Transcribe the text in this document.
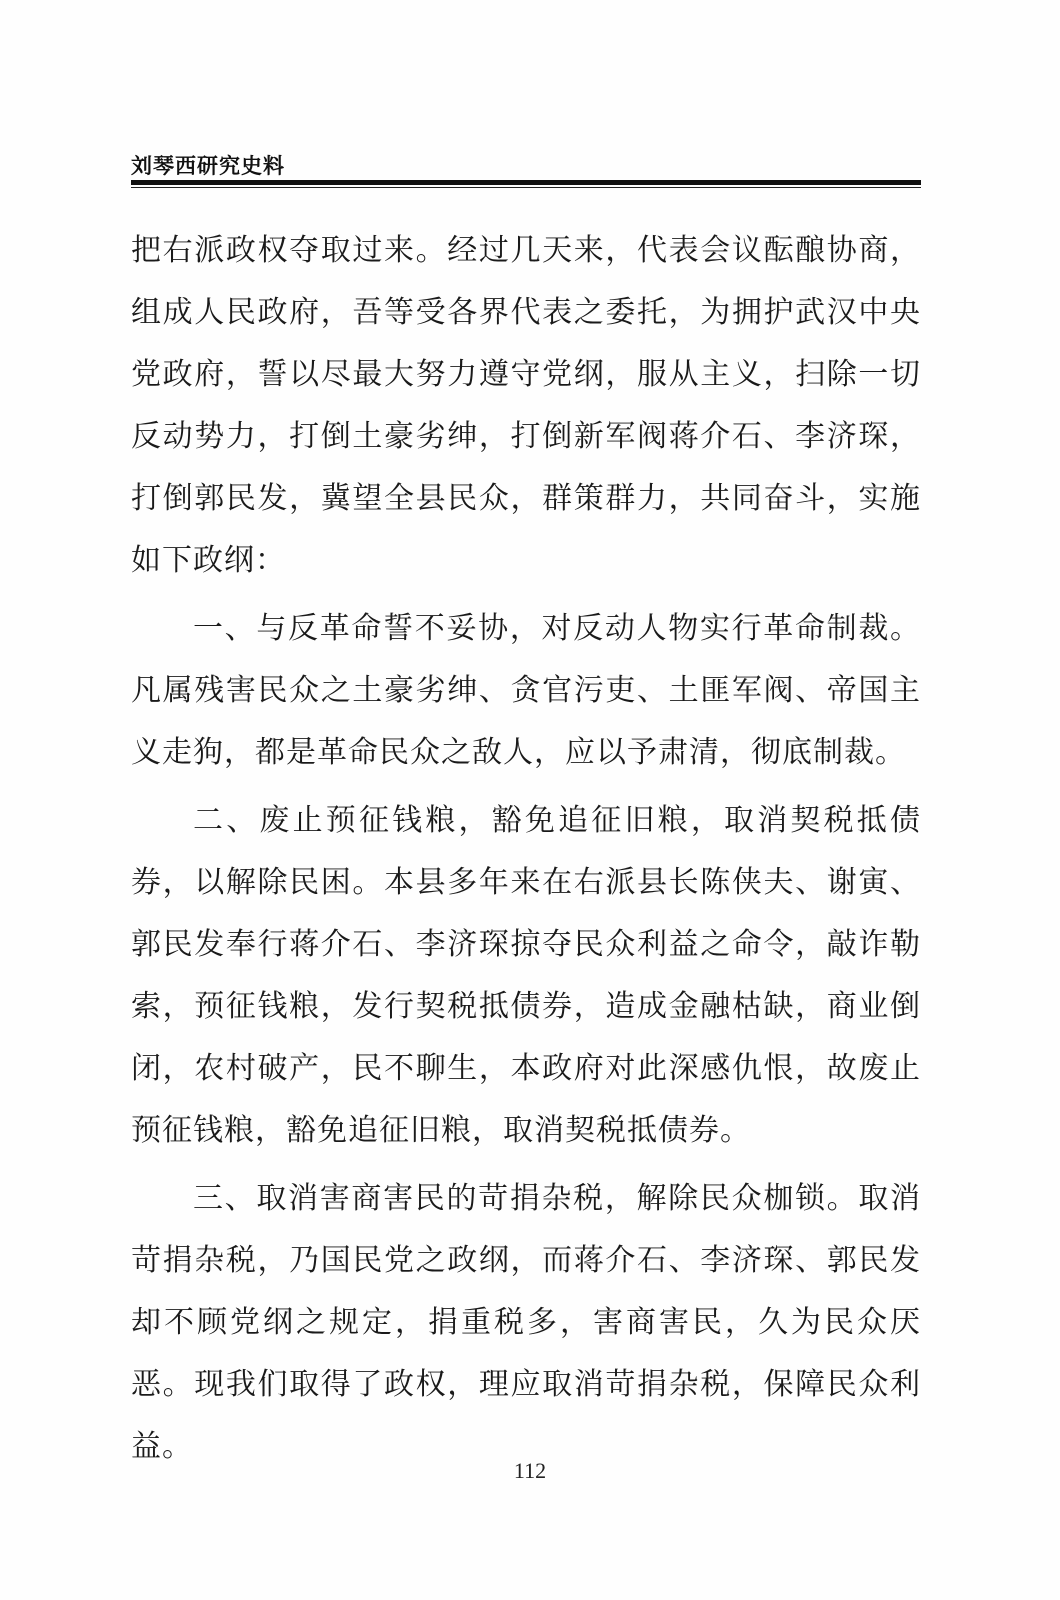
刘琴西研究史料

把右派政权夺取过来。经过几天来，代表会议酝酿协商，组成人民政府，吾等受各界代表之委托，为拥护武汉中央党政府，誓以尽最大努力遵守党纲，服从主义，扫除一切反动势力，打倒土豪劣绅，打倒新军阀蒋介石、李济琛，打倒郭民发，冀望全县民众，群策群力，共同奋斗，实施如下政纲：

一、与反革命誓不妥协，对反动人物实行革命制裁。凡属残害民众之土豪劣绅、贪官污吏、土匪军阀、帝国主义走狗，都是革命民众之敌人，应以予肃清，彻底制裁。

二、废止预征钱粮，豁免追征旧粮，取消契税抵债券，以解除民困。本县多年来在右派县长陈侠夫、谢寅、郭民发奉行蒋介石、李济琛掠夺民众利益之命令，敲诈勒索，预征钱粮，发行契税抵债券，造成金融枯缺，商业倒闭，农村破产，民不聊生，本政府对此深感仇恨，故废止预征钱粮，豁免追征旧粮，取消契税抵债券。

三、取消害商害民的苛捐杂税，解除民众枷锁。取消苛捐杂税，乃国民党之政纲，而蒋介石、李济琛、郭民发却不顾党纲之规定，捐重税多，害商害民，久为民众厌恶。现我们取得了政权，理应取消苛捐杂税，保障民众利益。

112
